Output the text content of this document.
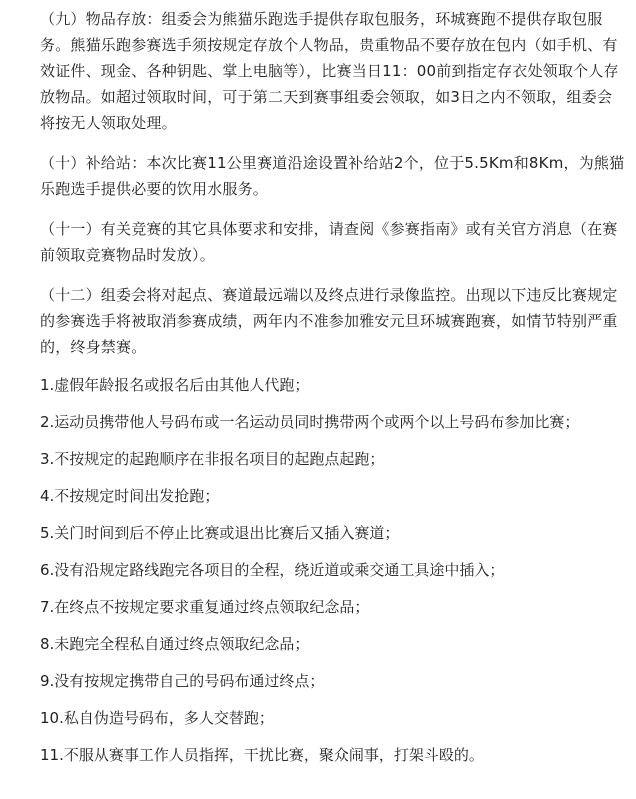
（九）物品存放：组委会为熊猫乐跑选手提供存取包服务，环城赛跑不提供存取包服务。熊猫乐跑参赛选手须按规定存放个人物品，贵重物品不要存放在包内（如手机、有效证件、现金、各种钥匙、掌上电脑等），比赛当日11：00前到指定存衣处领取个人存放物品。如超过领取时间，可于第二天到赛事组委会领取，如3日之内不领取，组委会将按无人领取处理。

（十）补给站：本次比赛11公里赛道沿途设置补给站2个，位于5.5Km和8Km，为熊猫乐跑选手提供必要的饮用水服务。

（十一）有关竞赛的其它具体要求和安排，请查阅《参赛指南》或有关官方消息（在赛前领取竞赛物品时发放）。

（十二）组委会将对起点、赛道最远端以及终点进行录像监控。出现以下违反比赛规定的参赛选手将被取消参赛成绩，两年内不准参加雅安元旦环城赛跑赛，如情节特别严重的，终身禁赛。

1.虚假年龄报名或报名后由其他人代跑；

2.运动员携带他人号码布或一名运动员同时携带两个或两个以上号码布参加比赛；

3.不按规定的起跑顺序在非报名项目的起跑点起跑；

4.不按规定时间出发抢跑；

5.关门时间到后不停止比赛或退出比赛后又插入赛道；

6.没有沿规定路线跑完各项目的全程，绕近道或乘交通工具途中插入；

7.在终点不按规定要求重复通过终点领取纪念品；

8.未跑完全程私自通过终点领取纪念品；

9.没有按规定携带自己的号码布通过终点；

10.私自伪造号码布，多人交替跑；

11.不服从赛事工作人员指挥，干扰比赛，聚众闹事，打架斗殴的。
